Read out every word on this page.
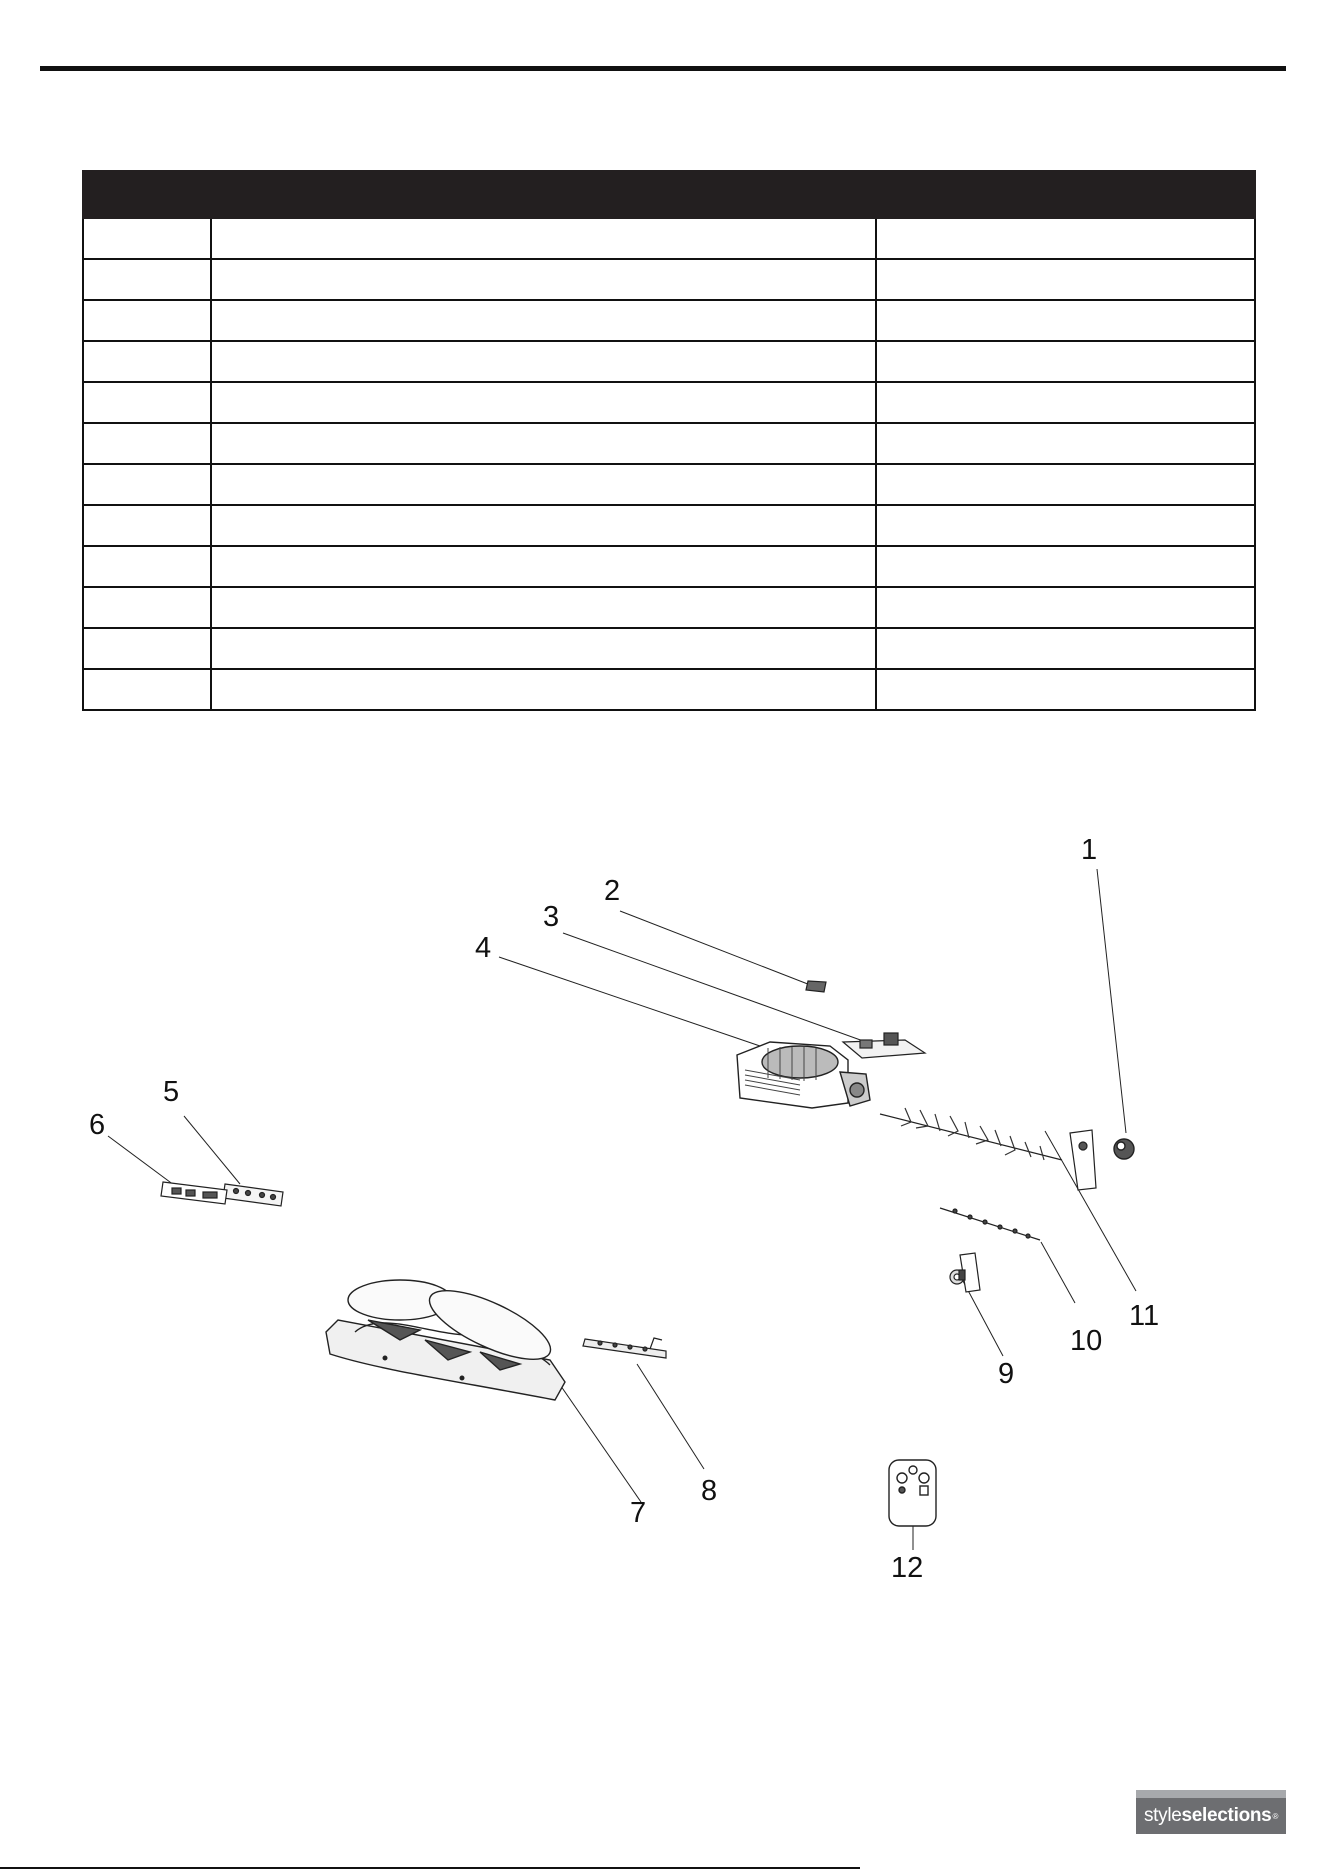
1
2
3
4
5
6
7
8
9
10
11
12
style selections ®
